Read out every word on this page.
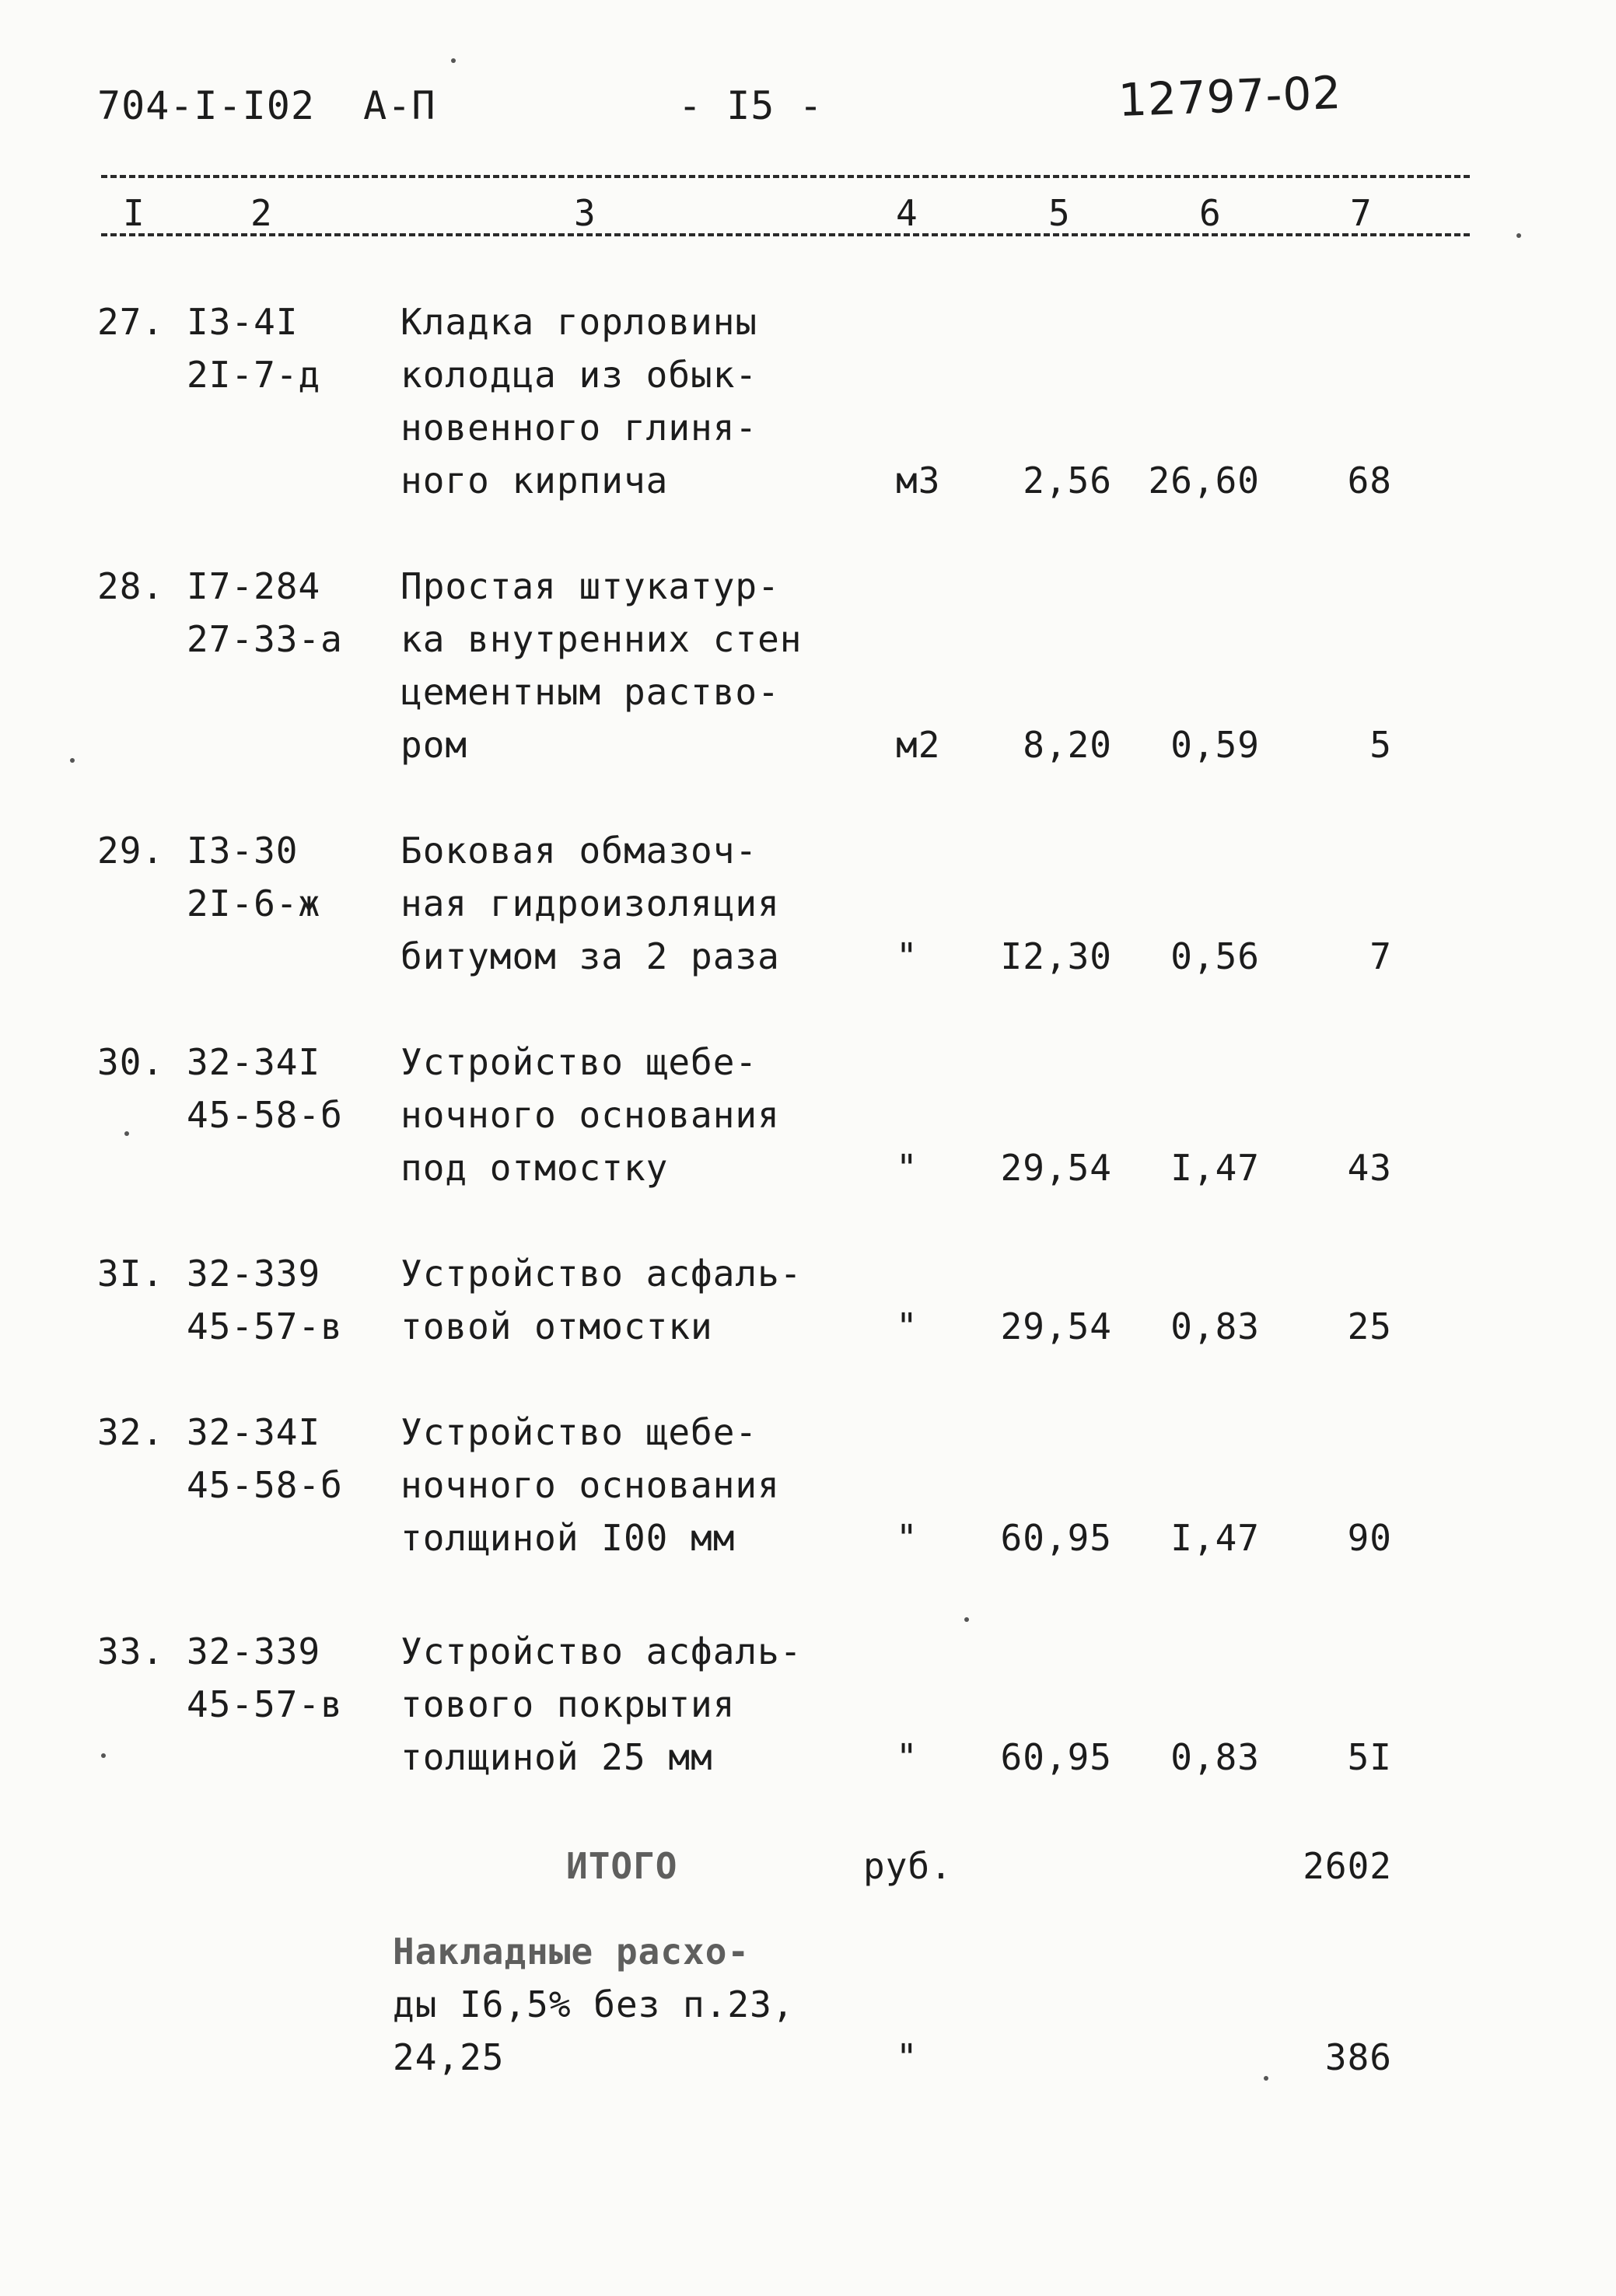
704-I-I02  А-П	- I5 -	12797-02
I	2	3	4	5	6	7
27. I3-4I
2I-7-д
Кладка горловины
колодца из обык-
новенного глиня-
ного кирпича	м3	2,56	26,60	68
28. I7-284
27-33-а
Простая штукатур-
ка внутренних стен
цементным раство-
ром	м2	8,20	0,59	5
29. I3-30
2I-6-ж
Боковая обмазоч-
ная гидроизоляция
битумом за 2 раза	"	I2,30	0,56	7
30. 32-34I
45-58-б
Устройство щебе-
ночного основания
под отмостку	"	29,54	I,47	43
3I. 32-339
45-57-в
Устройство асфаль-
товой отмостки	"	29,54	0,83	25
32. 32-34I
45-58-б
Устройство щебе-
ночного основания
толщиной I00 мм	"	60,95	I,47	90
33. 32-339
45-57-в
Устройство асфаль-
тового покрытия
толщиной 25 мм	"	60,95	0,83	5I
ИТОГО	руб.	2602
Накладные расхо-
ды I6,5% без п.23,
24,25	"	386
